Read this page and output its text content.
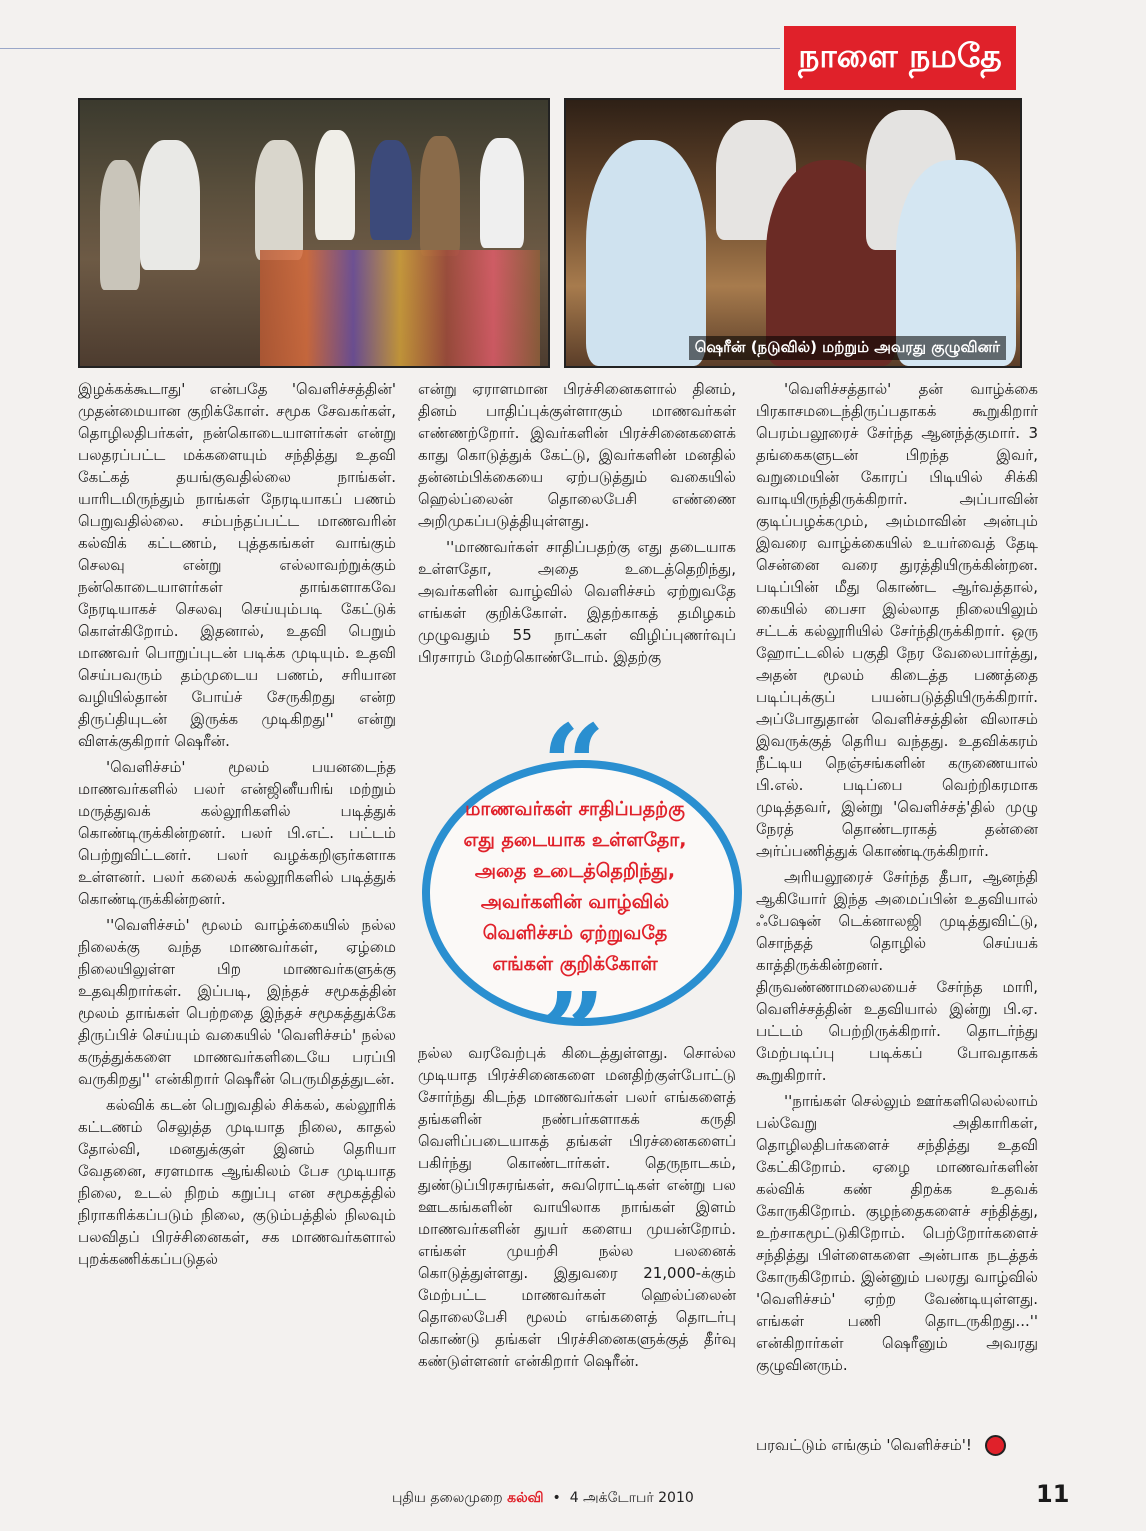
நாளை நமதே
ஷெரீன் (நடுவில்) மற்றும் அவரது குழுவினர்

இழக்கக்கூடாது' என்பதே 'வெளிச்சத்தின்' முதன்மையான குறிக்கோள். சமூக சேவகர்கள், தொழிலதிபர்கள், நன்கொடையாளர்கள் என்று பலதரப்பட்ட மக்களையும் சந்தித்து உதவி கேட்கத் தயங்குவதில்லை நாங்கள். யாரிடமிருந்தும் நாங்கள் நேரடியாகப் பணம் பெறுவதில்லை. சம்பந்தப்பட்ட மாணவரின் கல்விக் கட்டணம், புத்தகங்கள் வாங்கும் செலவு என்று எல்லாவற்றுக்கும் நன்கொடையாளர்கள் தாங்களாகவே நேரடியாகச் செலவு செய்யும்படி கேட்டுக் கொள்கிறோம். இதனால், உதவி பெறும் மாணவர் பொறுப்புடன் படிக்க முடியும். உதவி செய்பவரும் தம்முடைய பணம், சரியான வழியில்தான் போய்ச் சேருகிறது என்ற திருப்தியுடன் இருக்க முடிகிறது'' என்று விளக்குகிறார் ஷெரீன்.

'வெளிச்சம்' மூலம் பயனடைந்த மாணவர்களில் பலர் என்ஜினீயரிங் மற்றும் மருத்துவக் கல்லூரிகளில் படித்துக் கொண்டிருக்கின்றனர். பலர் பி.எட். பட்டம் பெற்றுவிட்டனர். பலர் வழக்கறிஞர்களாக உள்ளனர். பலர் கலைக் கல்லூரிகளில் படித்துக் கொண்டிருக்கின்றனர்.

''வெளிச்சம்' மூலம் வாழ்க்கையில் நல்ல நிலைக்கு வந்த மாணவர்கள், ஏழ்மை நிலையிலுள்ள பிற மாணவர்களுக்கு உதவுகிறார்கள். இப்படி, இந்தச் சமூகத்தின் மூலம் தாங்கள் பெற்றதை இந்தச் சமூகத்துக்கே திருப்பிச் செய்யும் வகையில் 'வெளிச்சம்' நல்ல கருத்துக்களை மாணவர்களிடையே பரப்பி வருகிறது'' என்கிறார் ஷெரீன் பெருமிதத்துடன்.

கல்விக் கடன் பெறுவதில் சிக்கல், கல்லூரிக் கட்டணம் செலுத்த முடியாத நிலை, காதல் தோல்வி, மனதுக்குள் இனம் தெரியா வேதனை, சரளமாக ஆங்கிலம் பேச முடியாத நிலை, உடல் நிறம் கறுப்பு என சமூகத்தில் நிராகரிக்கப்படும் நிலை, குடும்பத்தில் நிலவும் பலவிதப் பிரச்சினைகள், சக மாணவர்களால் புறக்கணிக்கப்படுதல்

என்று ஏராளமான பிரச்சினைகளால் தினம், தினம் பாதிப்புக்குள்ளாகும் மாணவர்கள் எண்ணற்றோர். இவர்களின் பிரச்சினைகளைக் காது கொடுத்துக் கேட்டு, இவர்களின் மனதில் தன்னம்பிக்கையை ஏற்படுத்தும் வகையில் ஹெல்ப்லைன் தொலைபேசி எண்ணை அறிமுகப்படுத்தியுள்ளது.

''மாணவர்கள் சாதிப்பதற்கு எது தடையாக உள்ளதோ, அதை உடைத்தெறிந்து, அவர்களின் வாழ்வில் வெளிச்சம் ஏற்றுவதே எங்கள் குறிக்கோள். இதற்காகத் தமிழகம் முழுவதும் 55 நாட்கள் விழிப்புணர்வுப் பிரசாரம் மேற்கொண்டோம். இதற்கு

“
மாணவர்கள் சாதிப்பதற்கு
எது தடையாக உள்ளதோ,
அதை உடைத்தெறிந்து,
அவர்களின் வாழ்வில்
வெளிச்சம் ஏற்றுவதே
எங்கள் குறிக்கோள்
”

நல்ல வரவேற்புக் கிடைத்துள்ளது. சொல்ல முடியாத பிரச்சினைகளை மனதிற்குள்போட்டு சோர்ந்து கிடந்த மாணவர்கள் பலர் எங்களைத் தங்களின் நண்பர்களாகக் கருதி வெளிப்படையாகத் தங்கள் பிரச்னைகளைப் பகிர்ந்து கொண்டார்கள். தெருநாடகம், துண்டுப்பிரசுரங்கள், சுவரொட்டிகள் என்று பல ஊடகங்களின் வாயிலாக நாங்கள் இளம் மாணவர்களின் துயர் களைய முயன்றோம். எங்கள் முயற்சி நல்ல பலனைக் கொடுத்துள்ளது. இதுவரை 21,000-க்கும் மேற்பட்ட மாணவர்கள் ஹெல்ப்லைன் தொலைபேசி மூலம் எங்களைத் தொடர்பு கொண்டு தங்கள் பிரச்சினைகளுக்குத் தீர்வு கண்டுள்ளனர் என்கிறார் ஷெரீன்.

'வெளிச்சத்தால்' தன் வாழ்க்கை பிரகாசமடைந்திருப்பதாகக் கூறுகிறார் பெரம்பலூரைச் சேர்ந்த ஆனந்த்குமார். 3 தங்கைகளுடன் பிறந்த இவர், வறுமையின் கோரப் பிடியில் சிக்கி வாடியிருந்திருக்கிறார். அப்பாவின் குடிப்பழக்கமும், அம்மாவின் அன்பும் இவரை வாழ்க்கையில் உயர்வைத் தேடி சென்னை வரை துரத்தியிருக்கின்றன. படிப்பின் மீது கொண்ட ஆர்வத்தால், கையில் பைசா இல்லாத நிலையிலும் சட்டக் கல்லூரியில் சேர்ந்திருக்கிறார். ஒரு ஹோட்டலில் பகுதி நேர வேலைபார்த்து, அதன் மூலம் கிடைத்த பணத்தை படிப்புக்குப் பயன்படுத்தியிருக்கிறார். அப்போதுதான் வெளிச்சத்தின் விலாசம் இவருக்குத் தெரிய வந்தது. உதவிக்கரம் நீட்டிய நெஞ்சங்களின் கருணையால் பி.எல். படிப்பை வெற்றிகரமாக முடித்தவர், இன்று 'வெளிச்சத்'தில் முழு நேரத் தொண்டராகத் தன்னை அர்ப்பணித்துக் கொண்டிருக்கிறார்.

அரியலூரைச் சேர்ந்த தீபா, ஆனந்தி ஆகியோர் இந்த அமைப்பின் உதவியால் ஃபேஷன் டெக்னாலஜி முடித்துவிட்டு, சொந்தத் தொழில் செய்யக் காத்திருக்கின்றனர். திருவண்ணாமலையைச் சேர்ந்த மாரி, வெளிச்சத்தின் உதவியால் இன்று பி.ஏ. பட்டம் பெற்றிருக்கிறார். தொடர்ந்து மேற்படிப்பு படிக்கப் போவதாகக் கூறுகிறார்.

''நாங்கள் செல்லும் ஊர்களிலெல்லாம் பல்வேறு அதிகாரிகள், தொழிலதிபர்களைச் சந்தித்து உதவி கேட்கிறோம். ஏழை மாணவர்களின் கல்விக் கண் திறக்க உதவக் கோருகிறோம். குழந்தைகளைச் சந்தித்து, உற்சாகமூட்டுகிறோம். பெற்றோர்களைச் சந்தித்து பிள்ளைகளை அன்பாக நடத்தக் கோருகிறோம். இன்னும் பலரது வாழ்வில் 'வெளிச்சம்' ஏற்ற வேண்டியுள்ளது. எங்கள் பணி தொடருகிறது...'' என்கிறார்கள் ஷெரீனும் அவரது குழுவினரும்.

பரவட்டும் எங்கும் 'வெளிச்சம்'!
புதிய தலைமுறை கல்வி • 4 அக்டோபர் 2010	11
